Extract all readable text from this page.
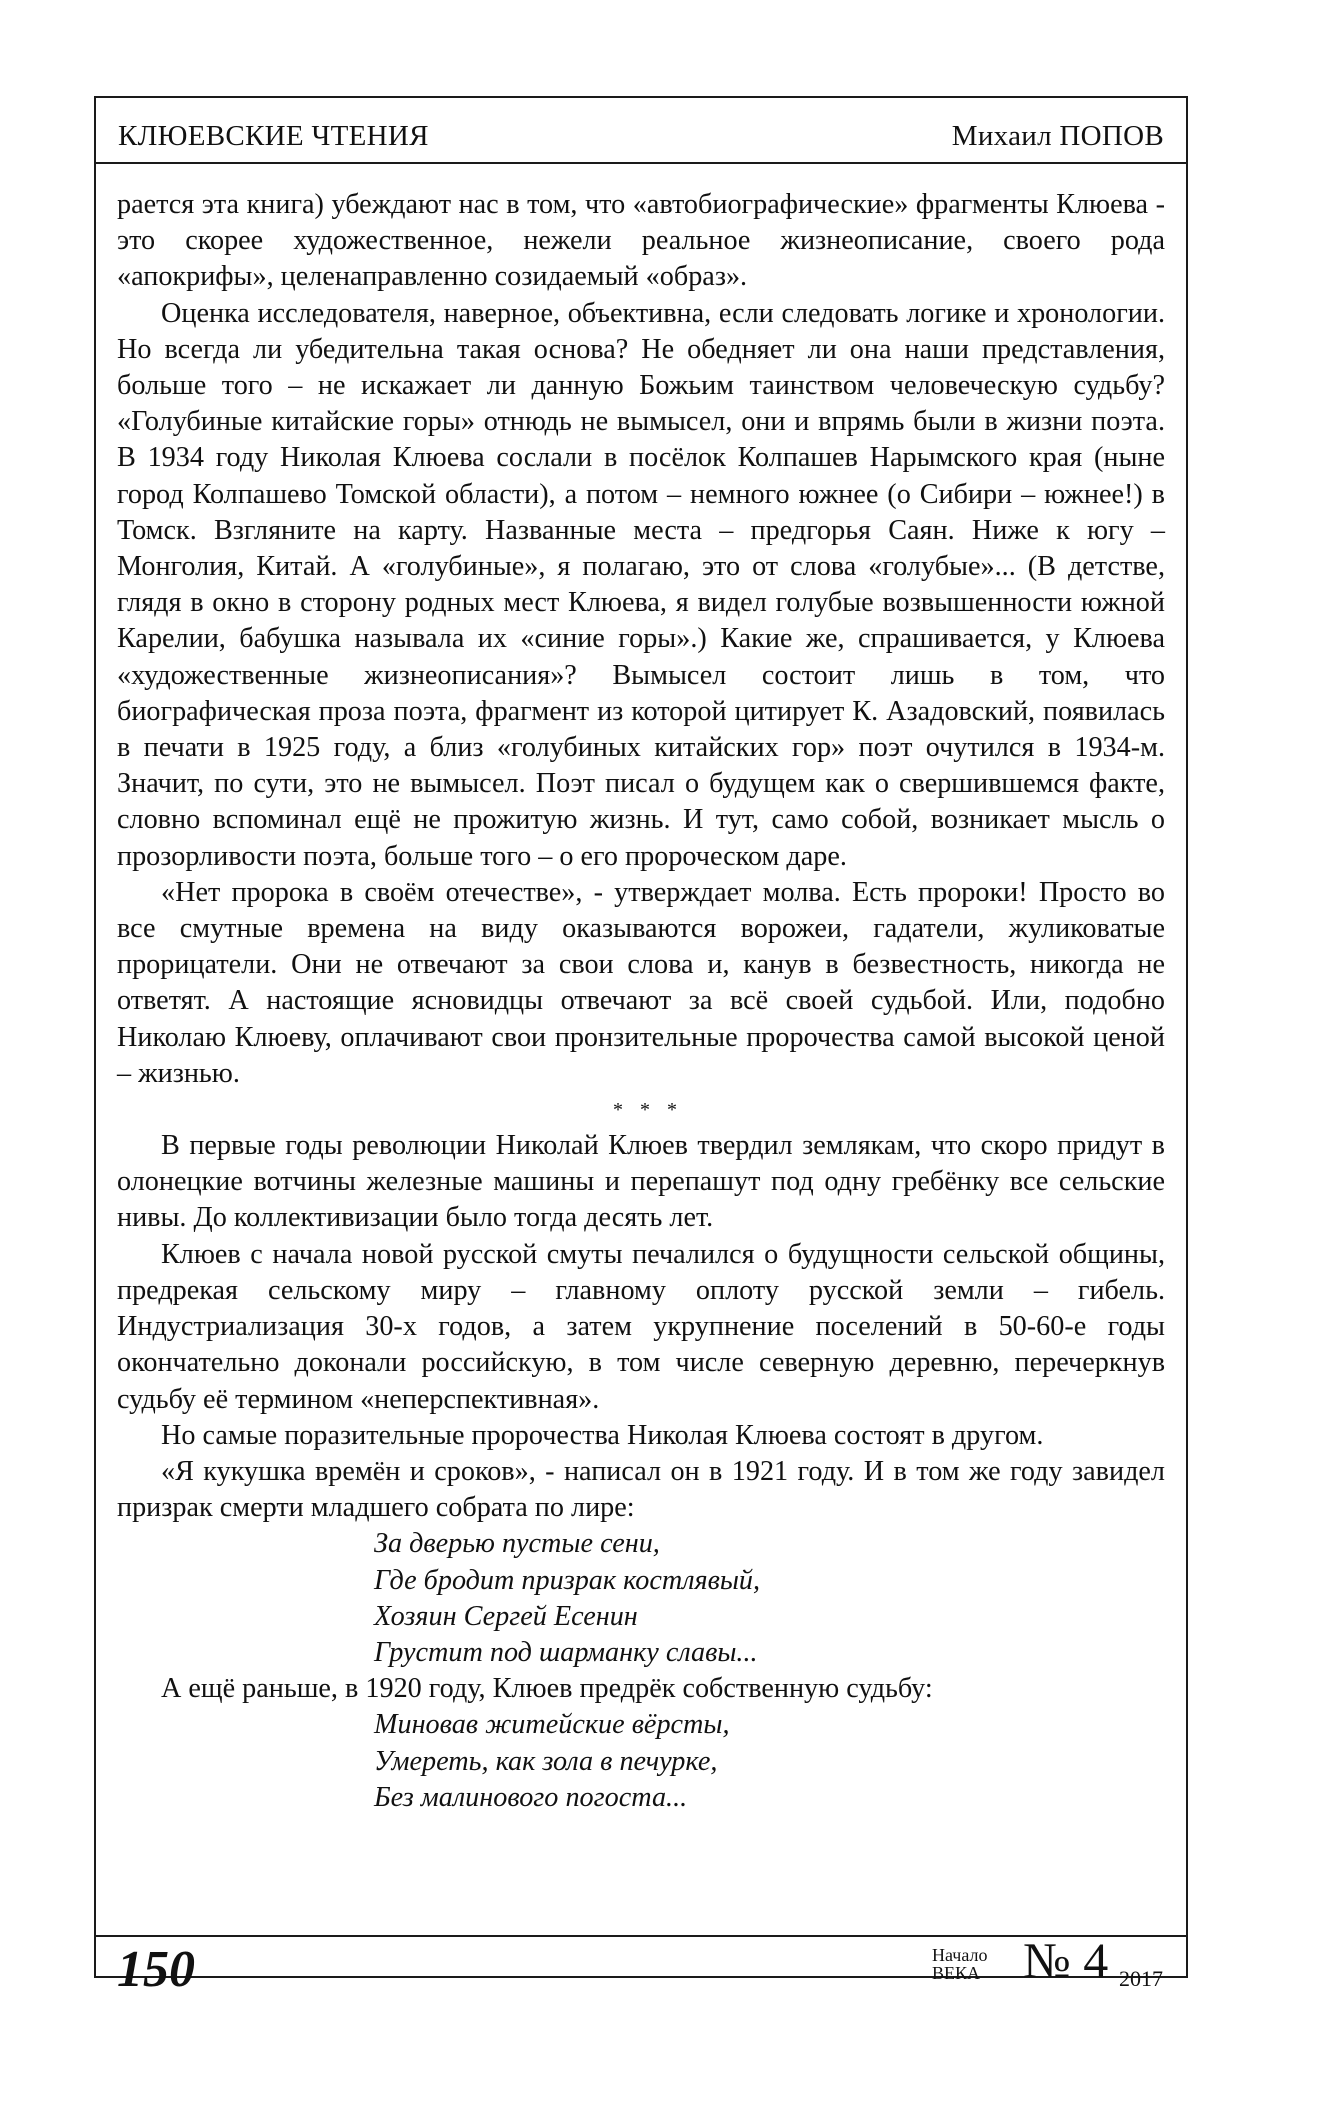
КЛЮЕВСКИЕ ЧТЕНИЯ	Михаил ПОПОВ

рается эта книга) убеждают нас в том, что «автобиографические» фрагменты Клюева - это скорее художественное, нежели реальное жизнеописание, своего рода «апокрифы», целенаправленно созидаемый «образ».

Оценка исследователя, наверное, объективна, если следовать логике и хронологии. Но всегда ли убедительна такая основа? Не обедняет ли она наши представления, больше того – не искажает ли данную Божьим таинством человеческую судьбу? «Голубиные китайские горы» отнюдь не вымысел, они и впрямь были в жизни поэта. В 1934 году Николая Клюева сослали в посёлок Колпашев Нарымского края (ныне город Колпашево Томской области), а потом – немного южнее (о Сибири – южнее!) в Томск. Взгляните на карту. Названные места – предгорья Саян. Ниже к югу – Монголия, Китай. А «голубиные», я полагаю, это от слова «голубые»... (В детстве, глядя в окно в сторону родных мест Клюева, я видел голубые возвышенности южной Карелии, бабушка называла их «синие горы».) Какие же, спрашивается, у Клюева «художественные жизнеописания»? Вымысел состоит лишь в том, что биографическая проза поэта, фрагмент из которой цитирует К. Азадовский, появилась в печати в 1925 году, а близ «голубиных китайских гор» поэт очутился в 1934-м. Значит, по сути, это не вымысел. Поэт писал о будущем как о свершившемся факте, словно вспоминал ещё не прожитую жизнь. И тут, само собой, возникает мысль о прозорливости поэта, больше того – о его пророческом даре.

«Нет пророка в своём отечестве», - утверждает молва. Есть пророки! Просто во все смутные времена на виду оказываются ворожеи, гадатели, жуликоватые прорицатели. Они не отвечают за свои слова и, канув в безвестность, никогда не ответят. А настоящие ясновидцы отвечают за всё своей судьбой. Или, подобно Николаю Клюеву, оплачивают свои пронзительные пророчества самой высокой ценой – жизнью.

* * *

В первые годы революции Николай Клюев твердил землякам, что скоро придут в олонецкие вотчины железные машины и перепашут под одну гребёнку все сельские нивы. До коллективизации было тогда десять лет.

Клюев с начала новой русской смуты печалился о будущности сельской общины, предрекая сельскому миру – главному оплоту русской земли – гибель. Индустриализация 30-х годов, а затем укрупнение поселений в 50-60-е годы окончательно доконали российскую, в том числе северную деревню, перечеркнув судьбу её термином «неперспективная».

Но самые поразительные пророчества Николая Клюева состоят в другом.

«Я кукушка времён и сроков», - написал он в 1921 году. И в том же году завидел призрак смерти младшего собрата по лире:

За дверью пустые сени,
Где бродит призрак костлявый,
Хозяин Сергей Есенин
Грустит под шарманку славы...

А ещё раньше, в 1920 году, Клюев предрёк собственную судьбу:

Миновав житейские вёрсты,
Умереть, как зола в печурке,
Без малинового погоста...
150	Начало
ВЕКА № 4 2017
